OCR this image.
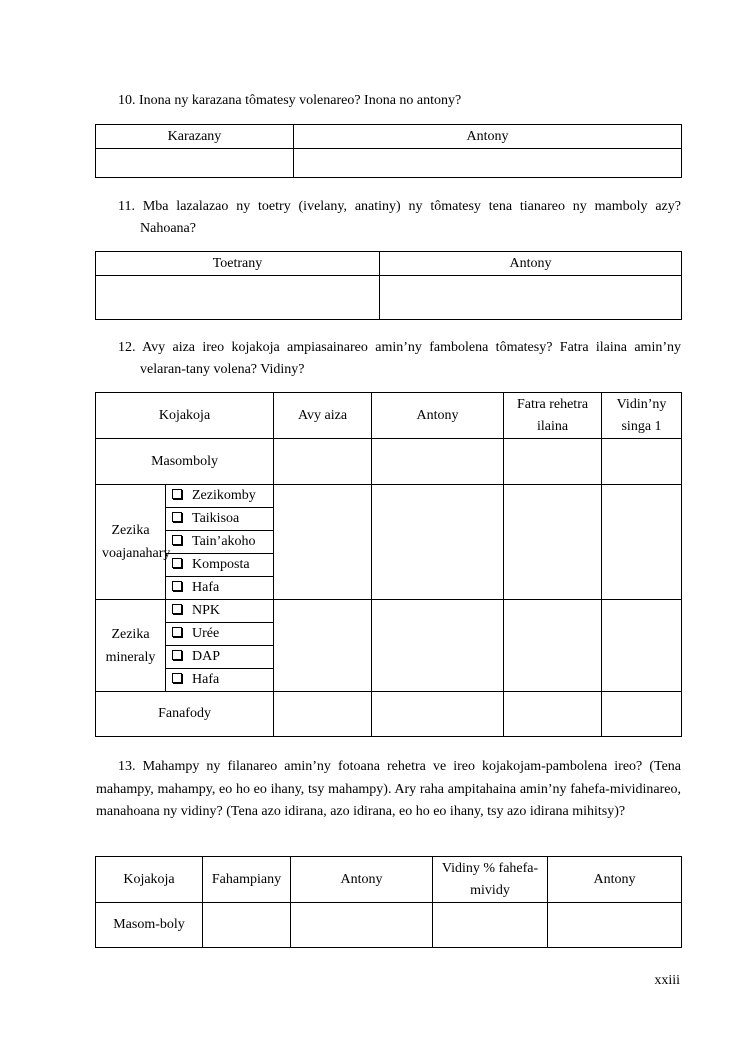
10. Inona ny karazana tômatesy volenareo? Inona no antony?
Karazany	Antony

11. Mba lazalazao ny toetry (ivelany, anatiny) ny tômatesy tena tianareo ny mamboly azy?
Nahoana?
Toetrany	Antony

12. Avy aiza ireo kojakoja ampiasainareo amin’ny fambolena tômatesy? Fatra ilaina amin’ny
velaran-tany volena? Vidiny?
Kojakoja		Avy aiza	Antony	Fatra rehetra ilaina	Vidin’ny singa 1
Masomboly					
Zezika voajanahary	Zezikomby				
	Taikisoa				
	Tain’akoho				
	Komposta				
	Hafa				
Zezika mineraly	NPK				
	Urée				
	DAP				
	Hafa				
Fanafody					
13. Mahampy ny filanareo amin’ny fotoana rehetra ve ireo kojakojam-pambolena ireo? (Tena mahampy, mahampy, eo ho eo ihany, tsy mahampy). Ary raha ampitahaina amin’ny fahefa-mividinareo, manahoana ny vidiny? (Tena azo idirana, azo idirana, eo ho eo ihany, tsy azo idirana mihitsy)?
Kojakoja	Fahampiany	Antony	Vidiny % fahefa-mividy	Antony
Masom-boly				
xxiii
